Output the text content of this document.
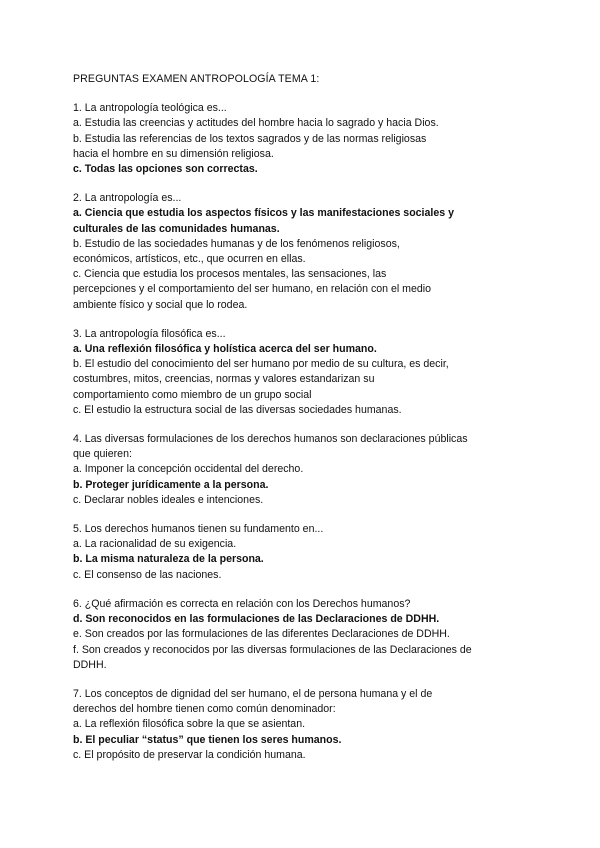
PREGUNTAS EXAMEN ANTROPOLOGÍA TEMA 1:

1. La antropología teológica es...

a. Estudia las creencias y actitudes del hombre hacia lo sagrado y hacia Dios.

b. Estudia las referencias de los textos sagrados y de las normas religiosas

hacia el hombre en su dimensión religiosa.

c. Todas las opciones son correctas.

2. La antropología es...

a. Ciencia que estudia los aspectos físicos y las manifestaciones sociales y

culturales de las comunidades humanas.

b. Estudio de las sociedades humanas y de los fenómenos religiosos,

económicos, artísticos, etc., que ocurren en ellas.

c. Ciencia que estudia los procesos mentales, las sensaciones, las

percepciones y el comportamiento del ser humano, en relación con el medio

ambiente físico y social que lo rodea.

3. La antropología filosófica es...

a. Una reflexión filosófica y holística acerca del ser humano.

b. El estudio del conocimiento del ser humano por medio de su cultura, es decir,

costumbres, mitos, creencias, normas y valores estandarizan su

comportamiento como miembro de un grupo social

c. El estudio la estructura social de las diversas sociedades humanas.

4. Las diversas formulaciones de los derechos humanos son declaraciones públicas

que quieren:

a. Imponer la concepción occidental del derecho.

b. Proteger jurídicamente a la persona.

c. Declarar nobles ideales e intenciones.

5. Los derechos humanos tienen su fundamento en...

a. La racionalidad de su exigencia.

b. La misma naturaleza de la persona.

c. El consenso de las naciones.

6. ¿Qué afirmación es correcta en relación con los Derechos humanos?

d. Son reconocidos en las formulaciones de las Declaraciones de DDHH.

e. Son creados por las formulaciones de las diferentes Declaraciones de DDHH.

f. Son creados y reconocidos por las diversas formulaciones de las Declaraciones de

DDHH.

7. Los conceptos de dignidad del ser humano, el de persona humana y el de

derechos del hombre tienen como común denominador:

a. La reflexión filosófica sobre la que se asientan.

b. El peculiar “status” que tienen los seres humanos.

c. El propósito de preservar la condición humana.
